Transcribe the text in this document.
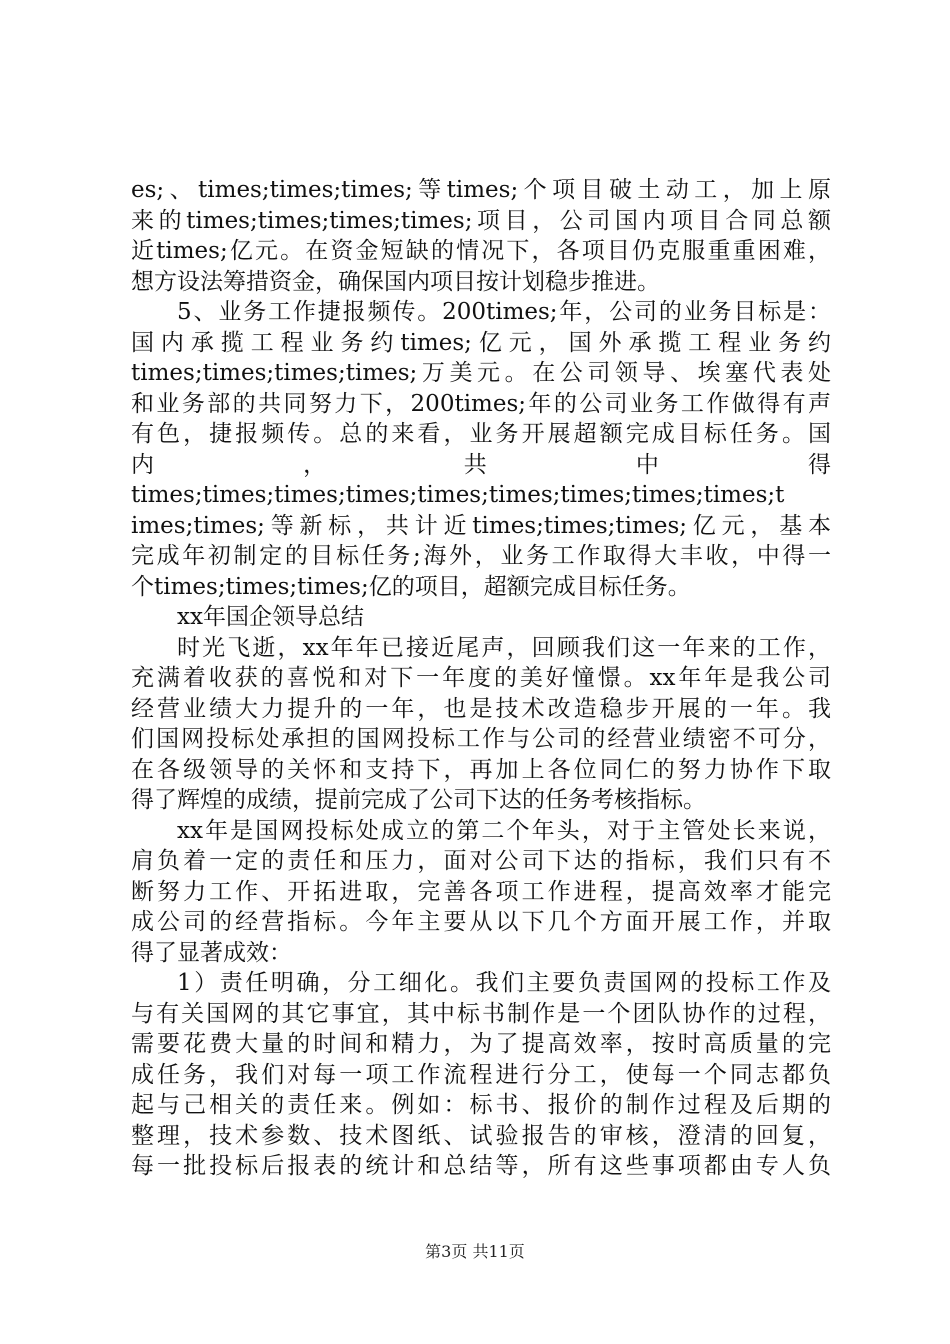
es;、times;times;times;等times;个项目破土动工，加上原
来的times;times;times;times;项目，公司国内项目合同总额
近times;亿元。在资金短缺的情况下，各项目仍克服重重困难，
想方设法筹措资金，确保国内项目按计划稳步推进。
5、业务工作捷报频传。200times;年，公司的业务目标是：
国内承揽工程业务约times;亿元，国外承揽工程业务约
times;times;times;times;万美元。在公司领导、埃塞代表处
和业务部的共同努力下，200times;年的公司业务工作做得有声
有色，捷报频传。总的来看，业务开展超额完成目标任务。国
内　　　　　　，　　　　　　共　　　　　　中　　　　　　得
times;times;times;times;times;times;times;times;times;t
imes;times;等新标，共计近times;times;times;亿元，基本
完成年初制定的目标任务;海外，业务工作取得大丰收，中得一
个times;times;times;亿的项目，超额完成目标任务。
xx年国企领导总结
时光飞逝，xx年年已接近尾声，回顾我们这一年来的工作，
充满着收获的喜悦和对下一年度的美好憧憬。xx年年是我公司
经营业绩大力提升的一年，也是技术改造稳步开展的一年。我
们国网投标处承担的国网投标工作与公司的经营业绩密不可分，
在各级领导的关怀和支持下，再加上各位同仁的努力协作下取
得了辉煌的成绩，提前完成了公司下达的任务考核指标。
xx年是国网投标处成立的第二个年头，对于主管处长来说，
肩负着一定的责任和压力，面对公司下达的指标，我们只有不
断努力工作、开拓进取，完善各项工作进程，提高效率才能完
成公司的经营指标。今年主要从以下几个方面开展工作，并取
得了显著成效：
1）责任明确，分工细化。我们主要负责国网的投标工作及
与有关国网的其它事宜，其中标书制作是一个团队协作的过程，
需要花费大量的时间和精力，为了提高效率，按时高质量的完
成任务，我们对每一项工作流程进行分工，使每一个同志都负
起与己相关的责任来。例如：标书、报价的制作过程及后期的
整理，技术参数、技术图纸、试验报告的审核，澄清的回复，
每一批投标后报表的统计和总结等，所有这些事项都由专人负
第3页 共11页
